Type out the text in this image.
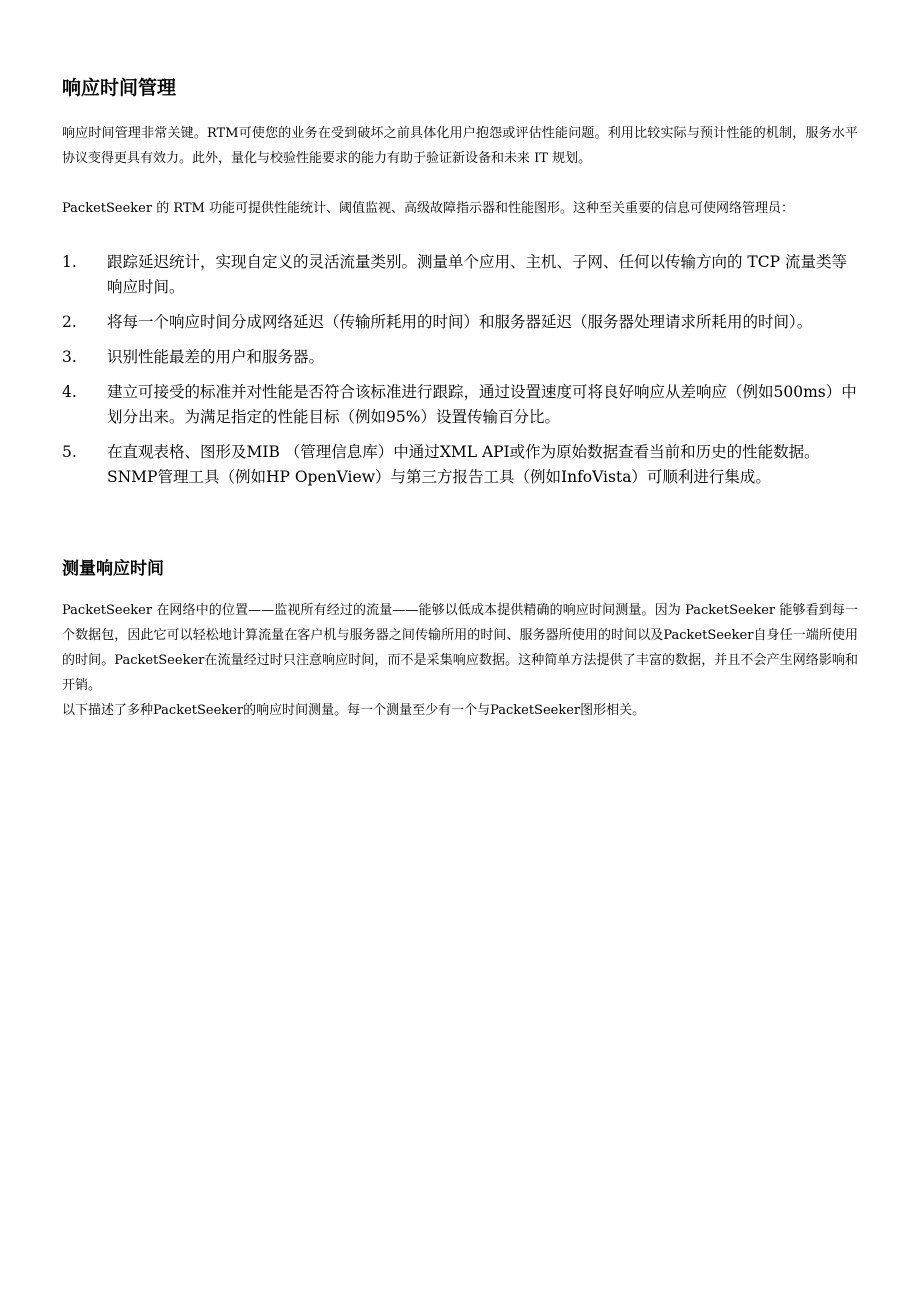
响应时间管理

响应时间管理非常关键。RTM可使您的业务在受到破坏之前具体化用户抱怨或评估性能问题。利用比较实际与预计性能的机制，服务水平协议变得更具有效力。此外，量化与校验性能要求的能力有助于验证新设备和未来 IT 规划。

PacketSeeker 的 RTM 功能可提供性能统计、阈值监视、高级故障指示器和性能图形。这种至关重要的信息可使网络管理员：

1. 跟踪延迟统计，实现自定义的灵活流量类别。测量单个应用、主机、子网、任何以传输方向的 TCP 流量类等响应时间。
2. 将每一个响应时间分成网络延迟（传输所耗用的时间）和服务器延迟（服务器处理请求所耗用的时间）。
3. 识别性能最差的用户和服务器。
4. 建立可接受的标准并对性能是否符合该标准进行跟踪，通过设置速度可将良好响应从差响应（例如500ms）中划分出来。为满足指定的性能目标（例如95%）设置传输百分比。
5. 在直观表格、图形及MIB （管理信息库）中通过XML API或作为原始数据查看当前和历史的性能数据。SNMP管理工具（例如HP OpenView）与第三方报告工具（例如InfoVista）可顺利进行集成。
测量响应时间

PacketSeeker 在网络中的位置——监视所有经过的流量——能够以低成本提供精确的响应时间测量。因为 PacketSeeker 能够看到每一个数据包，因此它可以轻松地计算流量在客户机与服务器之间传输所用的时间、服务器所使用的时间以及PacketSeeker自身任一端所使用的时间。PacketSeeker在流量经过时只注意响应时间，而不是采集响应数据。这种简单方法提供了丰富的数据，并且不会产生网络影响和开销。

以下描述了多种PacketSeeker的响应时间测量。每一个测量至少有一个与PacketSeeker图形相关。
